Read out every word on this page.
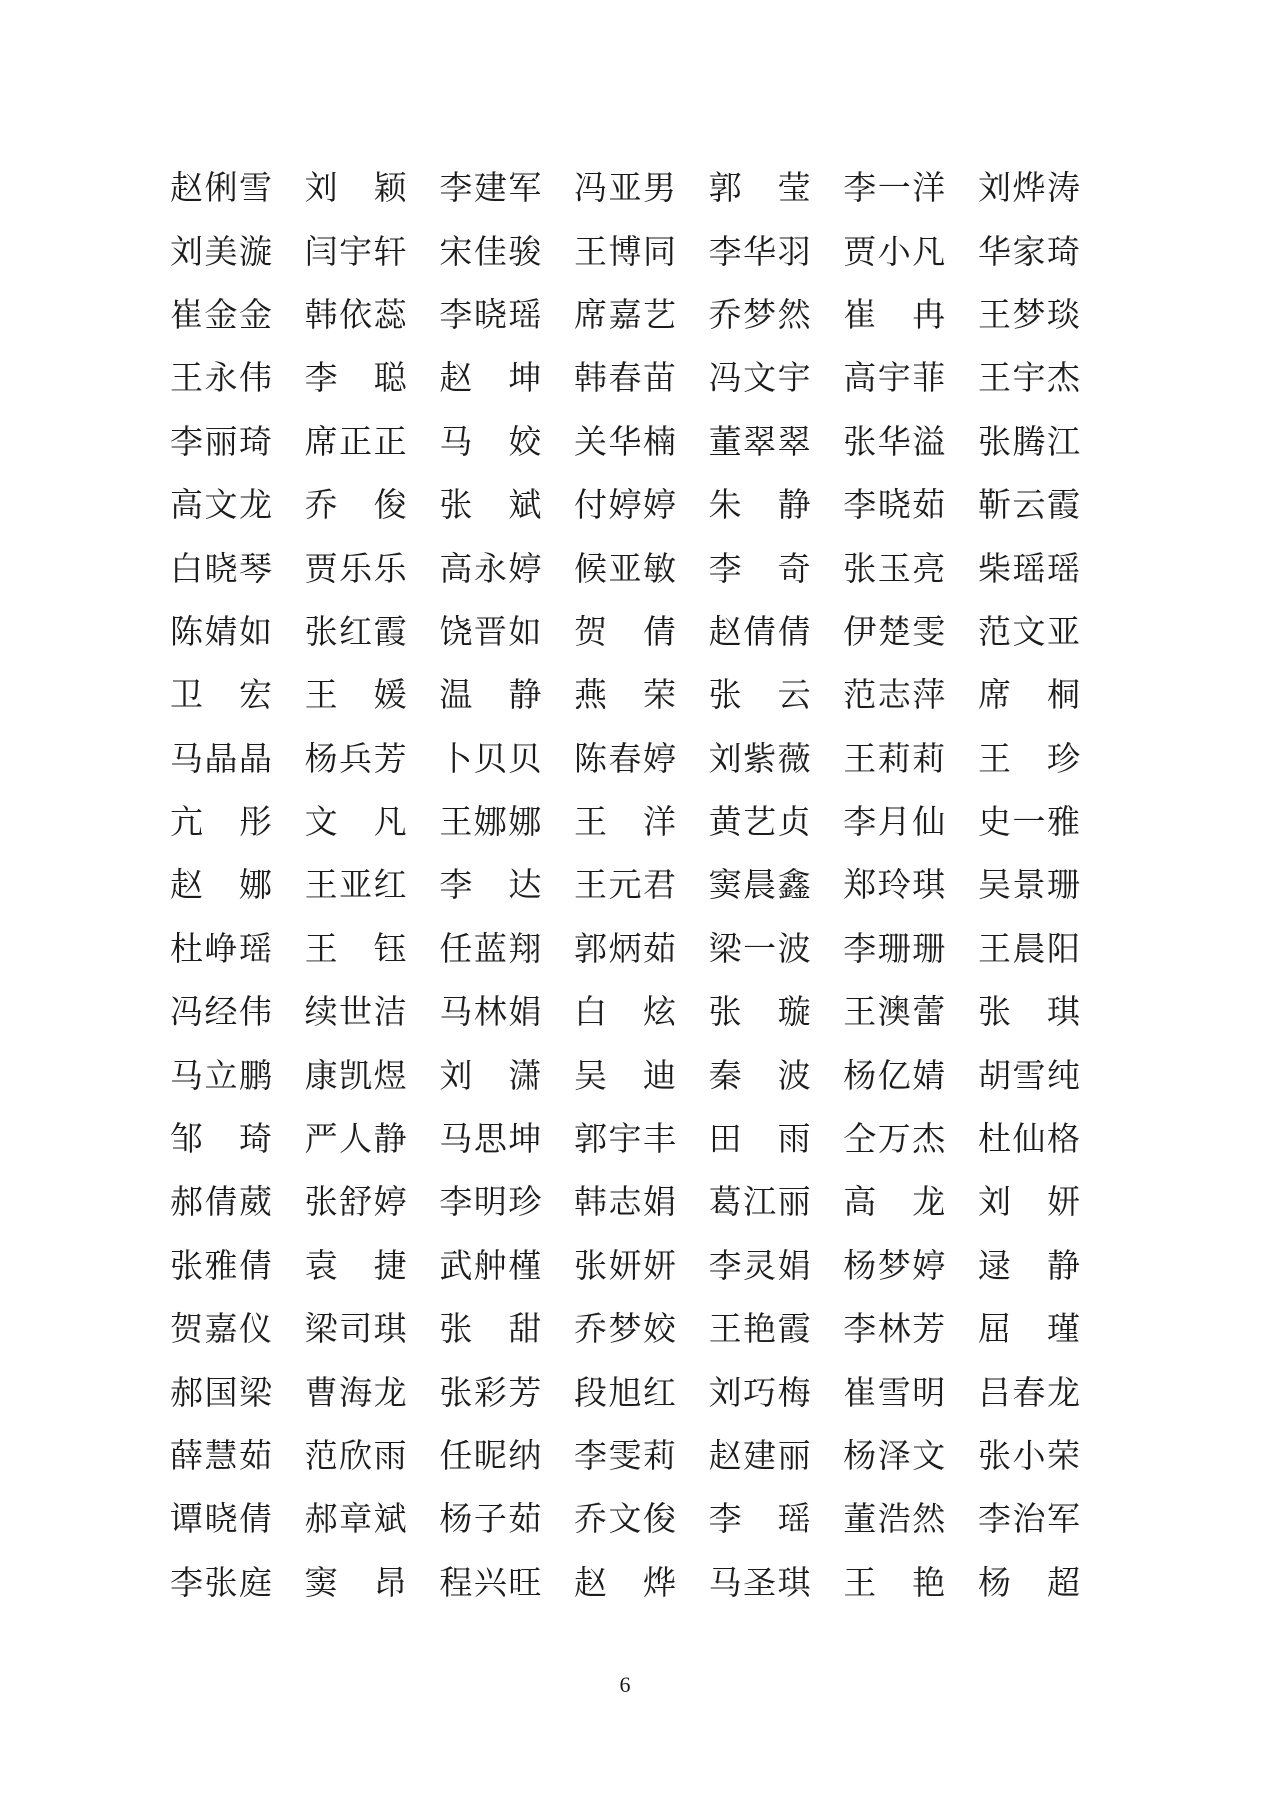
赵 俐 雪 刘 颖 李 建 军 冯 亚 男 郭 莹 李 一 洋 刘 烨 涛
刘 美 漩 闫 宇 轩 宋 佳 骏 王 博 同 李 华 羽 贾 小 凡 华 家 琦
崔 金 金 韩 依 蕊 李 晓 瑶 席 嘉 艺 乔 梦 然 崔 冉 王 梦 琰
王 永 伟 李 聪 赵 坤 韩 春 苗 冯 文 宇 高 宇 菲 王 宇 杰
李 丽 琦 席 正 正 马 姣 关 华 楠 董 翠 翠 张 华 溢 张 腾 江
高 文 龙 乔 俊 张 斌 付 婷 婷 朱 静 李 晓 茹 靳 云 霞
白 晓 琴 贾 乐 乐 高 永 婷 候 亚 敏 李 奇 张 玉 亮 柴 瑶 瑶
陈 婧 如 张 红 霞 饶 晋 如 贺 倩 赵 倩 倩 伊 楚 雯 范 文 亚
卫 宏 王 媛 温 静 燕 荣 张 云 范 志 萍 席 桐
马 晶 晶 杨 兵 芳 卜 贝 贝 陈 春 婷 刘 紫 薇 王 莉 莉 王 珍
亢 彤 文 凡 王 娜 娜 王 洋 黄 艺 贞 李 月 仙 史 一 雅
赵 娜 王 亚 红 李 达 王 元 君 窦 晨 鑫 郑 玲 琪 吴 景 珊
杜 峥 瑶 王 钰 任 蓝 翔 郭 炳 茹 梁 一 波 李 珊 珊 王 晨 阳
冯 经 伟 续 世 洁 马 林 娟 白 炫 张 璇 王 澳 蕾 张 琪
马 立 鹏 康 凯 煜 刘 潇 吴 迪 秦 波 杨 亿 婧 胡 雪 纯
邹 琦 严 人 静 马 思 坤 郭 宇 丰 田 雨 仝 万 杰 杜 仙 格
郝 倩 葳 张 舒 婷 李 明 珍 韩 志 娟 葛 江 丽 高 龙 刘 妍
张 雅 倩 袁 捷 武 舯 槿 张 妍 妍 李 灵 娟 杨 梦 婷 逯 静
贺 嘉 仪 梁 司 琪 张 甜 乔 梦 姣 王 艳 霞 李 林 芳 屈 瑾
郝 国 梁 曹 海 龙 张 彩 芳 段 旭 红 刘 巧 梅 崔 雪 明 吕 春 龙
薛 慧 茹 范 欣 雨 任 昵 纳 李 雯 莉 赵 建 丽 杨 泽 文 张 小 荣
谭 晓 倩 郝 章 斌 杨 子 茹 乔 文 俊 李 瑶 董 浩 然 李 治 军
李 张 庭 窦 昂 程 兴 旺 赵 烨 马 圣 琪 王 艳 杨 超
6
